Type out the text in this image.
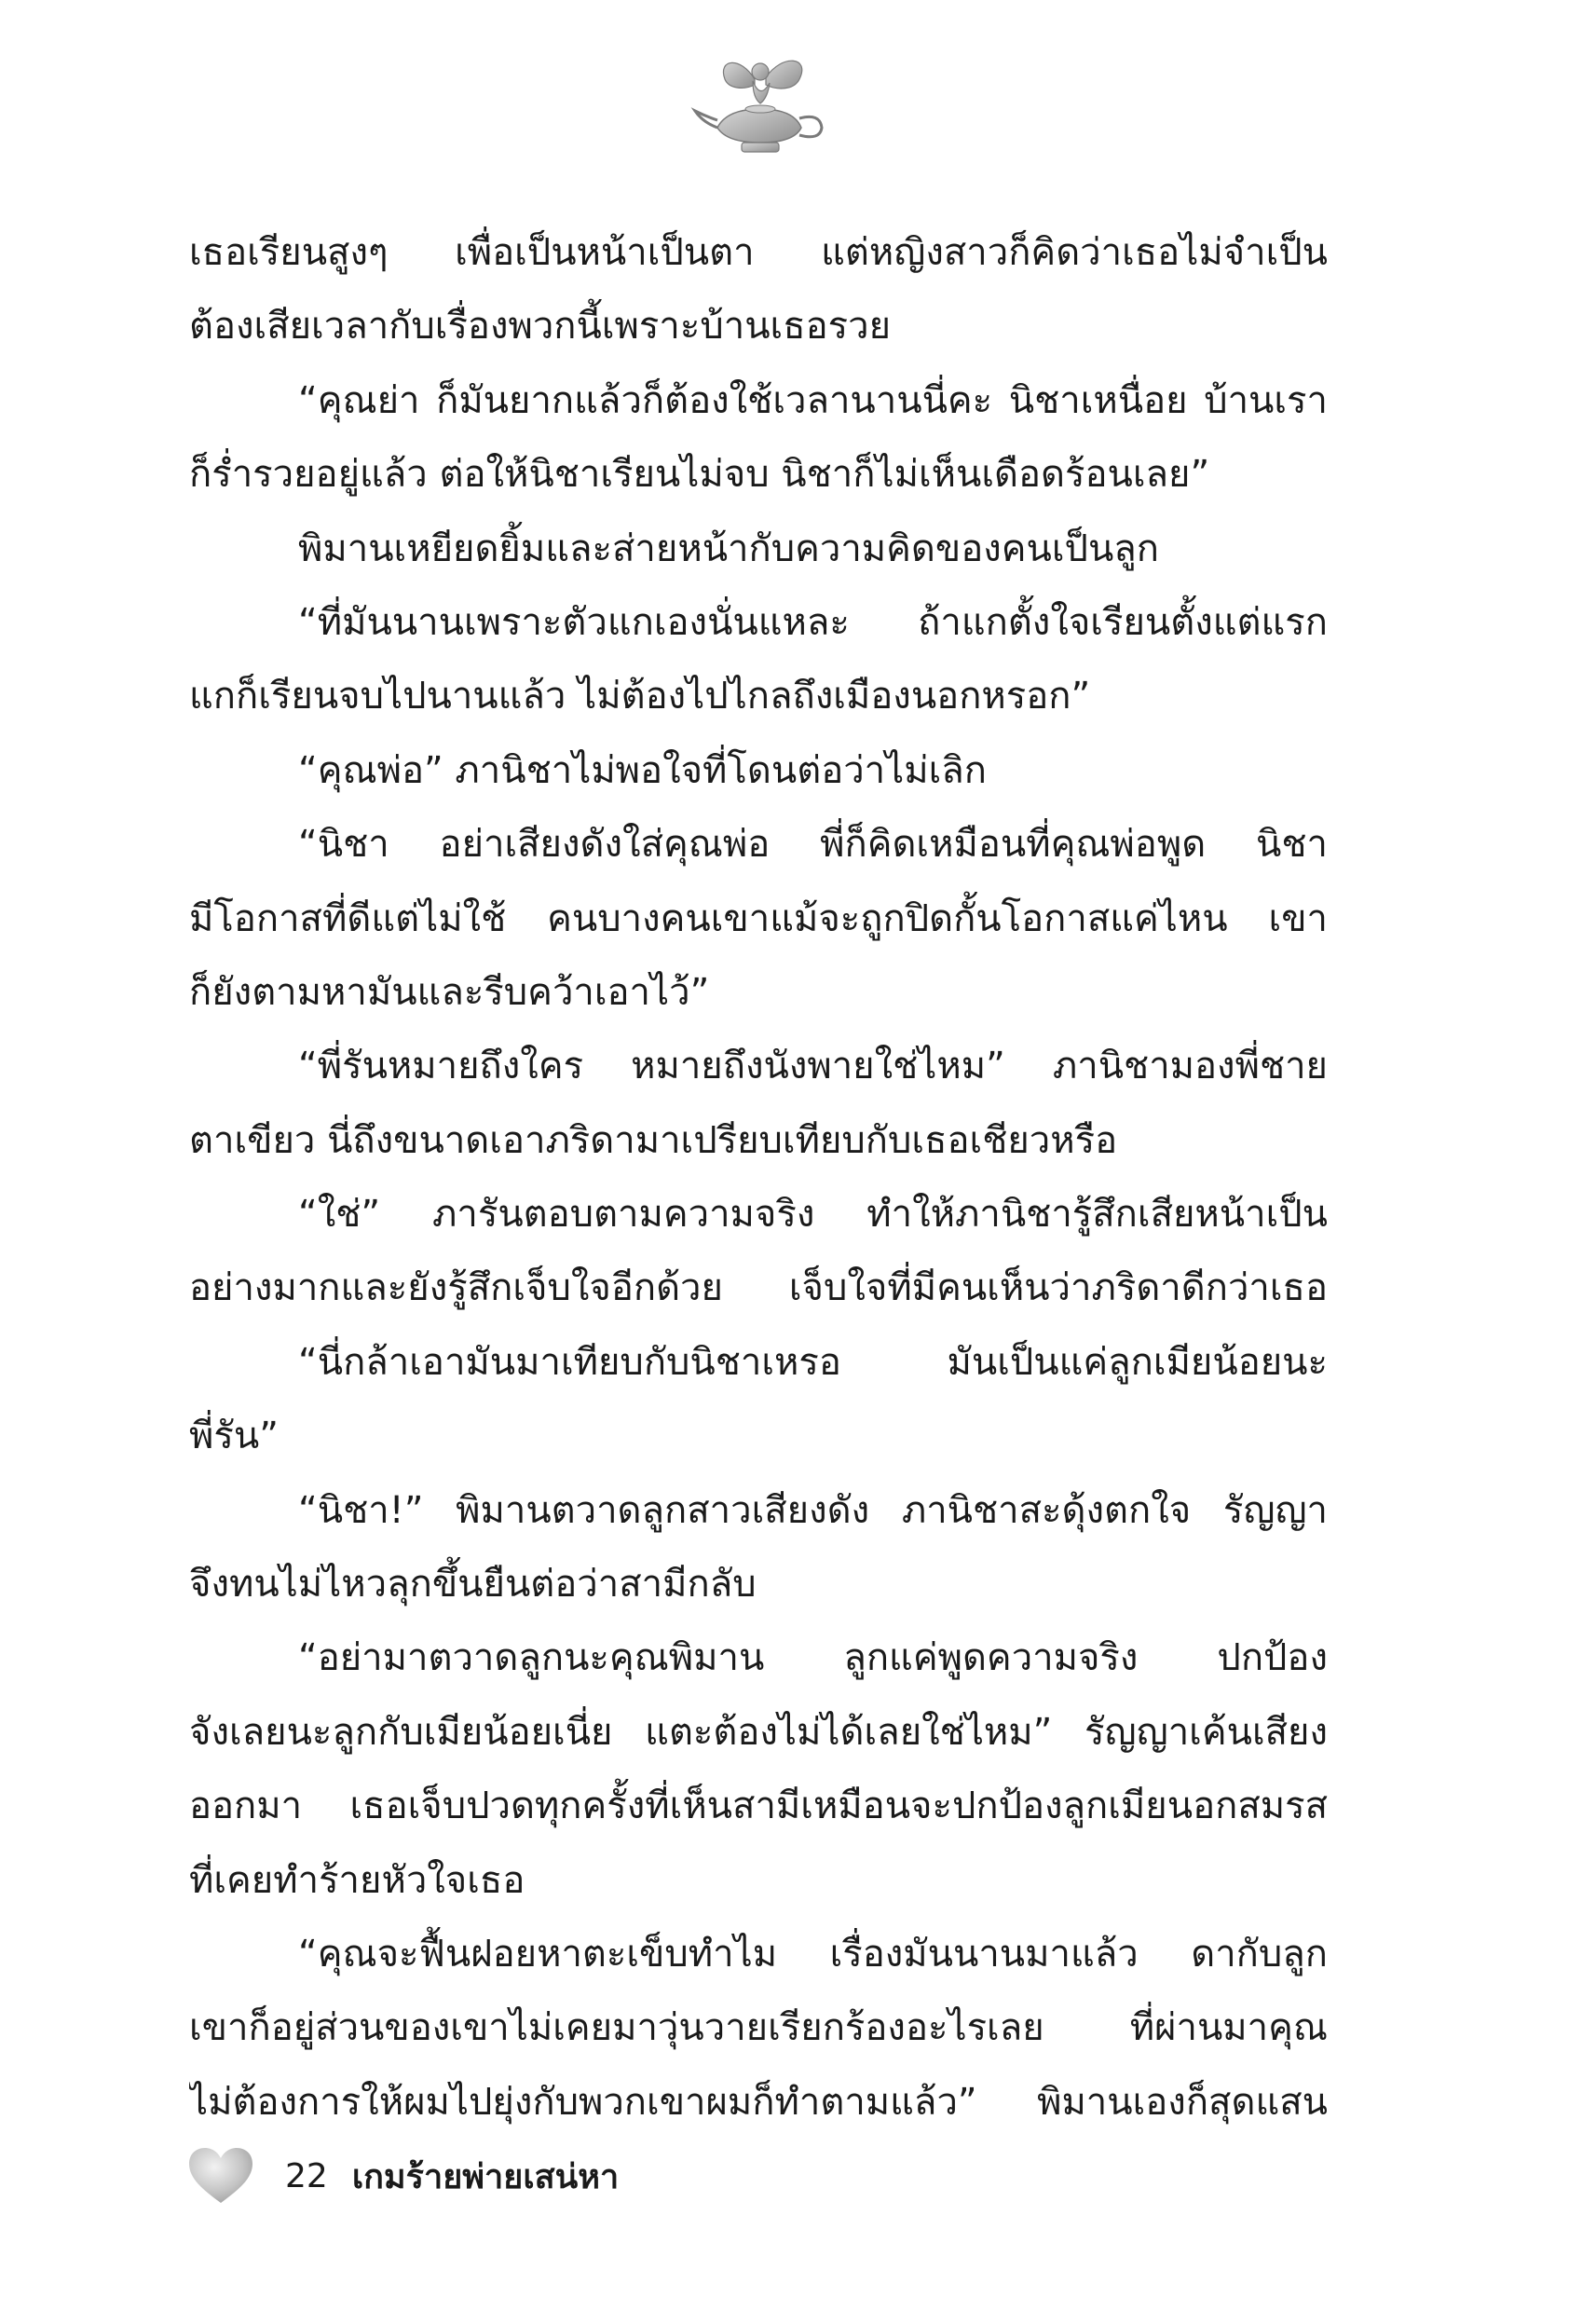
เธอเรียนสูงๆ เพื่อเป็นหน้าเป็นตา แต่หญิงสาวก็คิดว่าเธอไม่จำเป็น
ต้องเสียเวลากับเรื่องพวกนี้เพราะบ้านเธอรวย
“คุณย่า ก็มันยากแล้วก็ต้องใช้เวลานานนี่คะ นิชาเหนื่อย บ้านเรา
ก็ร่ำรวยอยู่แล้ว ต่อให้นิชาเรียนไม่จบ นิชาก็ไม่เห็นเดือดร้อนเลย”
พิมานเหยียดยิ้มและส่ายหน้ากับความคิดของคนเป็นลูก
“ที่มันนานเพราะตัวแกเองนั่นแหละ ถ้าแกตั้งใจเรียนตั้งแต่แรก
แกก็เรียนจบไปนานแล้ว ไม่ต้องไปไกลถึงเมืองนอกหรอก”
“คุณพ่อ” ภานิชาไม่พอใจที่โดนต่อว่าไม่เลิก
“นิชา อย่าเสียงดังใส่คุณพ่อ พี่ก็คิดเหมือนที่คุณพ่อพูด นิชา
มีโอกาสที่ดีแต่ไม่ใช้ คนบางคนเขาแม้จะถูกปิดกั้นโอกาสแค่ไหน เขา
ก็ยังตามหามันและรีบคว้าเอาไว้”
“พี่รันหมายถึงใคร หมายถึงนังพายใช่ไหม” ภานิชามองพี่ชาย
ตาเขียว นี่ถึงขนาดเอาภริดามาเปรียบเทียบกับเธอเชียวหรือ
“ใช่” ภารันตอบตามความจริง ทำให้ภานิชารู้สึกเสียหน้าเป็น
อย่างมากและยังรู้สึกเจ็บใจอีกด้วย เจ็บใจที่มีคนเห็นว่าภริดาดีกว่าเธอ
“นี่กล้าเอามันมาเทียบกับนิชาเหรอ มันเป็นแค่ลูกเมียน้อยนะ
พี่รัน”
“นิชา!” พิมานตวาดลูกสาวเสียงดัง ภานิชาสะดุ้งตกใจ รัญญา
จึงทนไม่ไหวลุกขึ้นยืนต่อว่าสามีกลับ
“อย่ามาตวาดลูกนะคุณพิมาน ลูกแค่พูดความจริง ปกป้อง
จังเลยนะลูกกับเมียน้อยเนี่ย แตะต้องไม่ได้เลยใช่ไหม” รัญญาเค้นเสียง
ออกมา เธอเจ็บปวดทุกครั้งที่เห็นสามีเหมือนจะปกป้องลูกเมียนอกสมรส
ที่เคยทำร้ายหัวใจเธอ
“คุณจะฟื้นฝอยหาตะเข็บทำไม เรื่องมันนานมาแล้ว ดากับลูก
เขาก็อยู่ส่วนของเขาไม่เคยมาวุ่นวายเรียกร้องอะไรเลย ที่ผ่านมาคุณ
ไม่ต้องการให้ผมไปยุ่งกับพวกเขาผมก็ทำตามแล้ว” พิมานเองก็สุดแสน
22 เกมร้ายพ่ายเสน่หา
